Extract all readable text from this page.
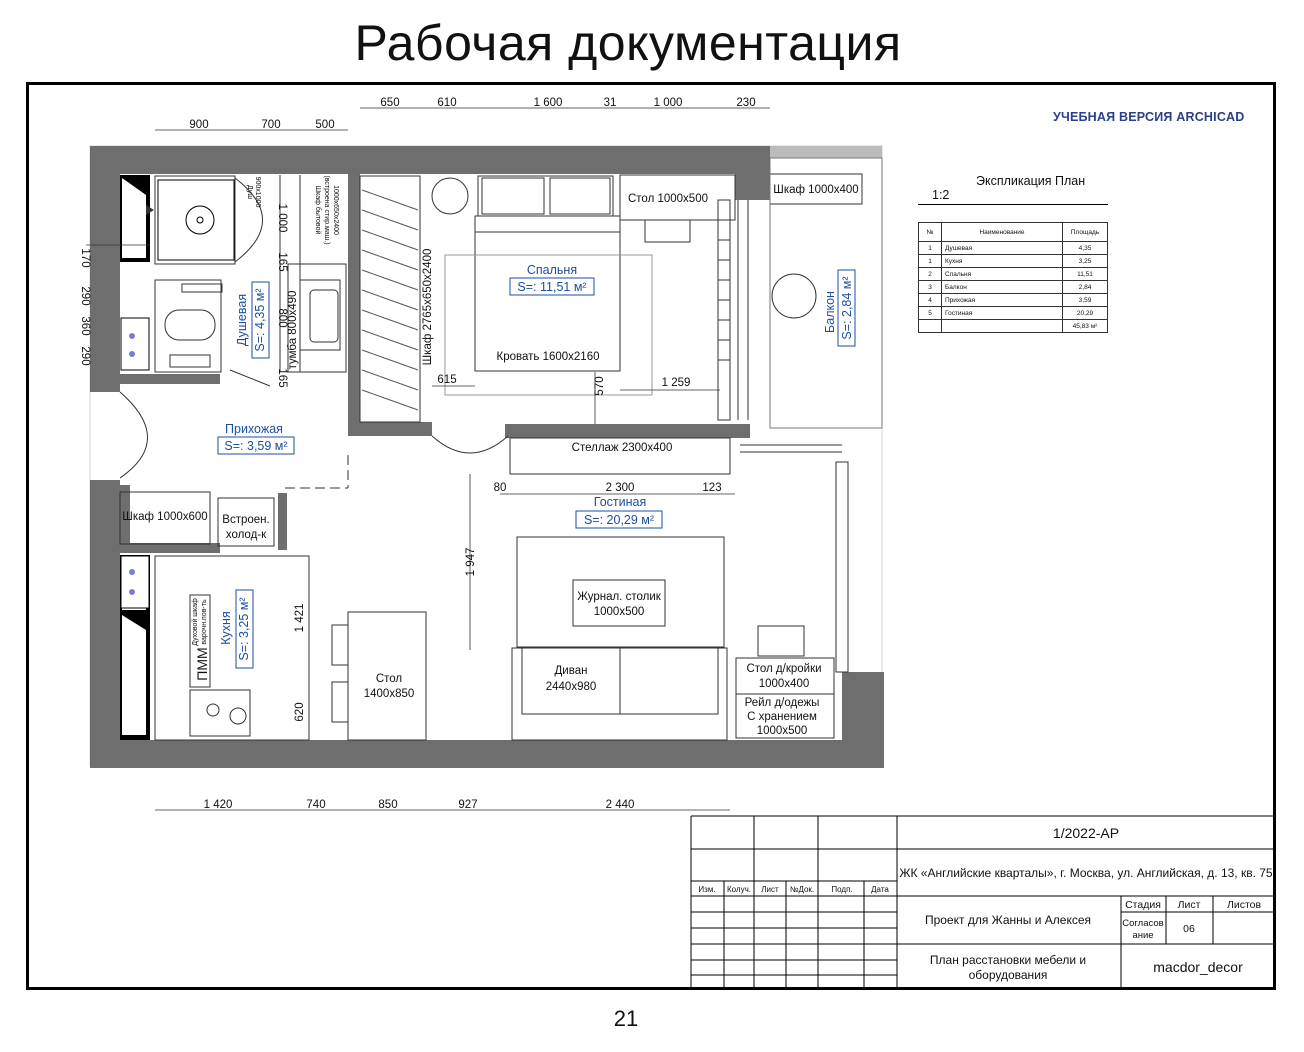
Рабочая документация
УЧЕБНАЯ ВЕРСИЯ ARCHICAD
900	700	500
650	610	1 600	31	1 000	230
1 420	740	850	927	2 440
615	1 259
80	2 300	123
170
290
360
290
1 000
165
800
165	570
1 947
1 421
620
Спальня
S=: 11,51 м²
Прихожая
S=: 3,59 м²
Гостиная
S=: 20,29 м²
Душевая S=: 4,35 м²
Кухня S=: 3,25 м²
Балкон S=: 2,84 м²
Кровать 1600х2160
Стол 1000х500
Шкаф 1000х400
Стеллаж 2300х400
Шкаф 1000х600 Встроен.
холод-к
Журнал. столик
1000х500
Стол
1400х850
Диван
2440х980
Стол д/кройки
1000х400
Рейл д/одежы
С хранением
1000х500
Шкаф 2765х650х2400
Душ 900х1000	Шкаф бытовой (встроена стир.маш.) 1000х650х2400
тумба 800х490
ПММ
Духовой шкаф варочн.пов-ть
1/2022-АР
ЖК «Английские кварталы», г. Москва, ул. Английская, д. 13, кв. 75
Изм. Колуч. Лист №Док. Подп. Дата
Проект для Жанны и Алексея
Стадия Лист	Листов
Согласов
ание
06
План расстановки мебели и
оборудования	macdor_decor
Экспликация План 1:2
№	Наименование	Площадь
1	Душевая	4,35
1	Кухня	3,25
2	Спальня	11,51
3	Балкон	2,84
4	Прихожая	3,59
5	Гостиная	20,29
		45,83 м²
21
